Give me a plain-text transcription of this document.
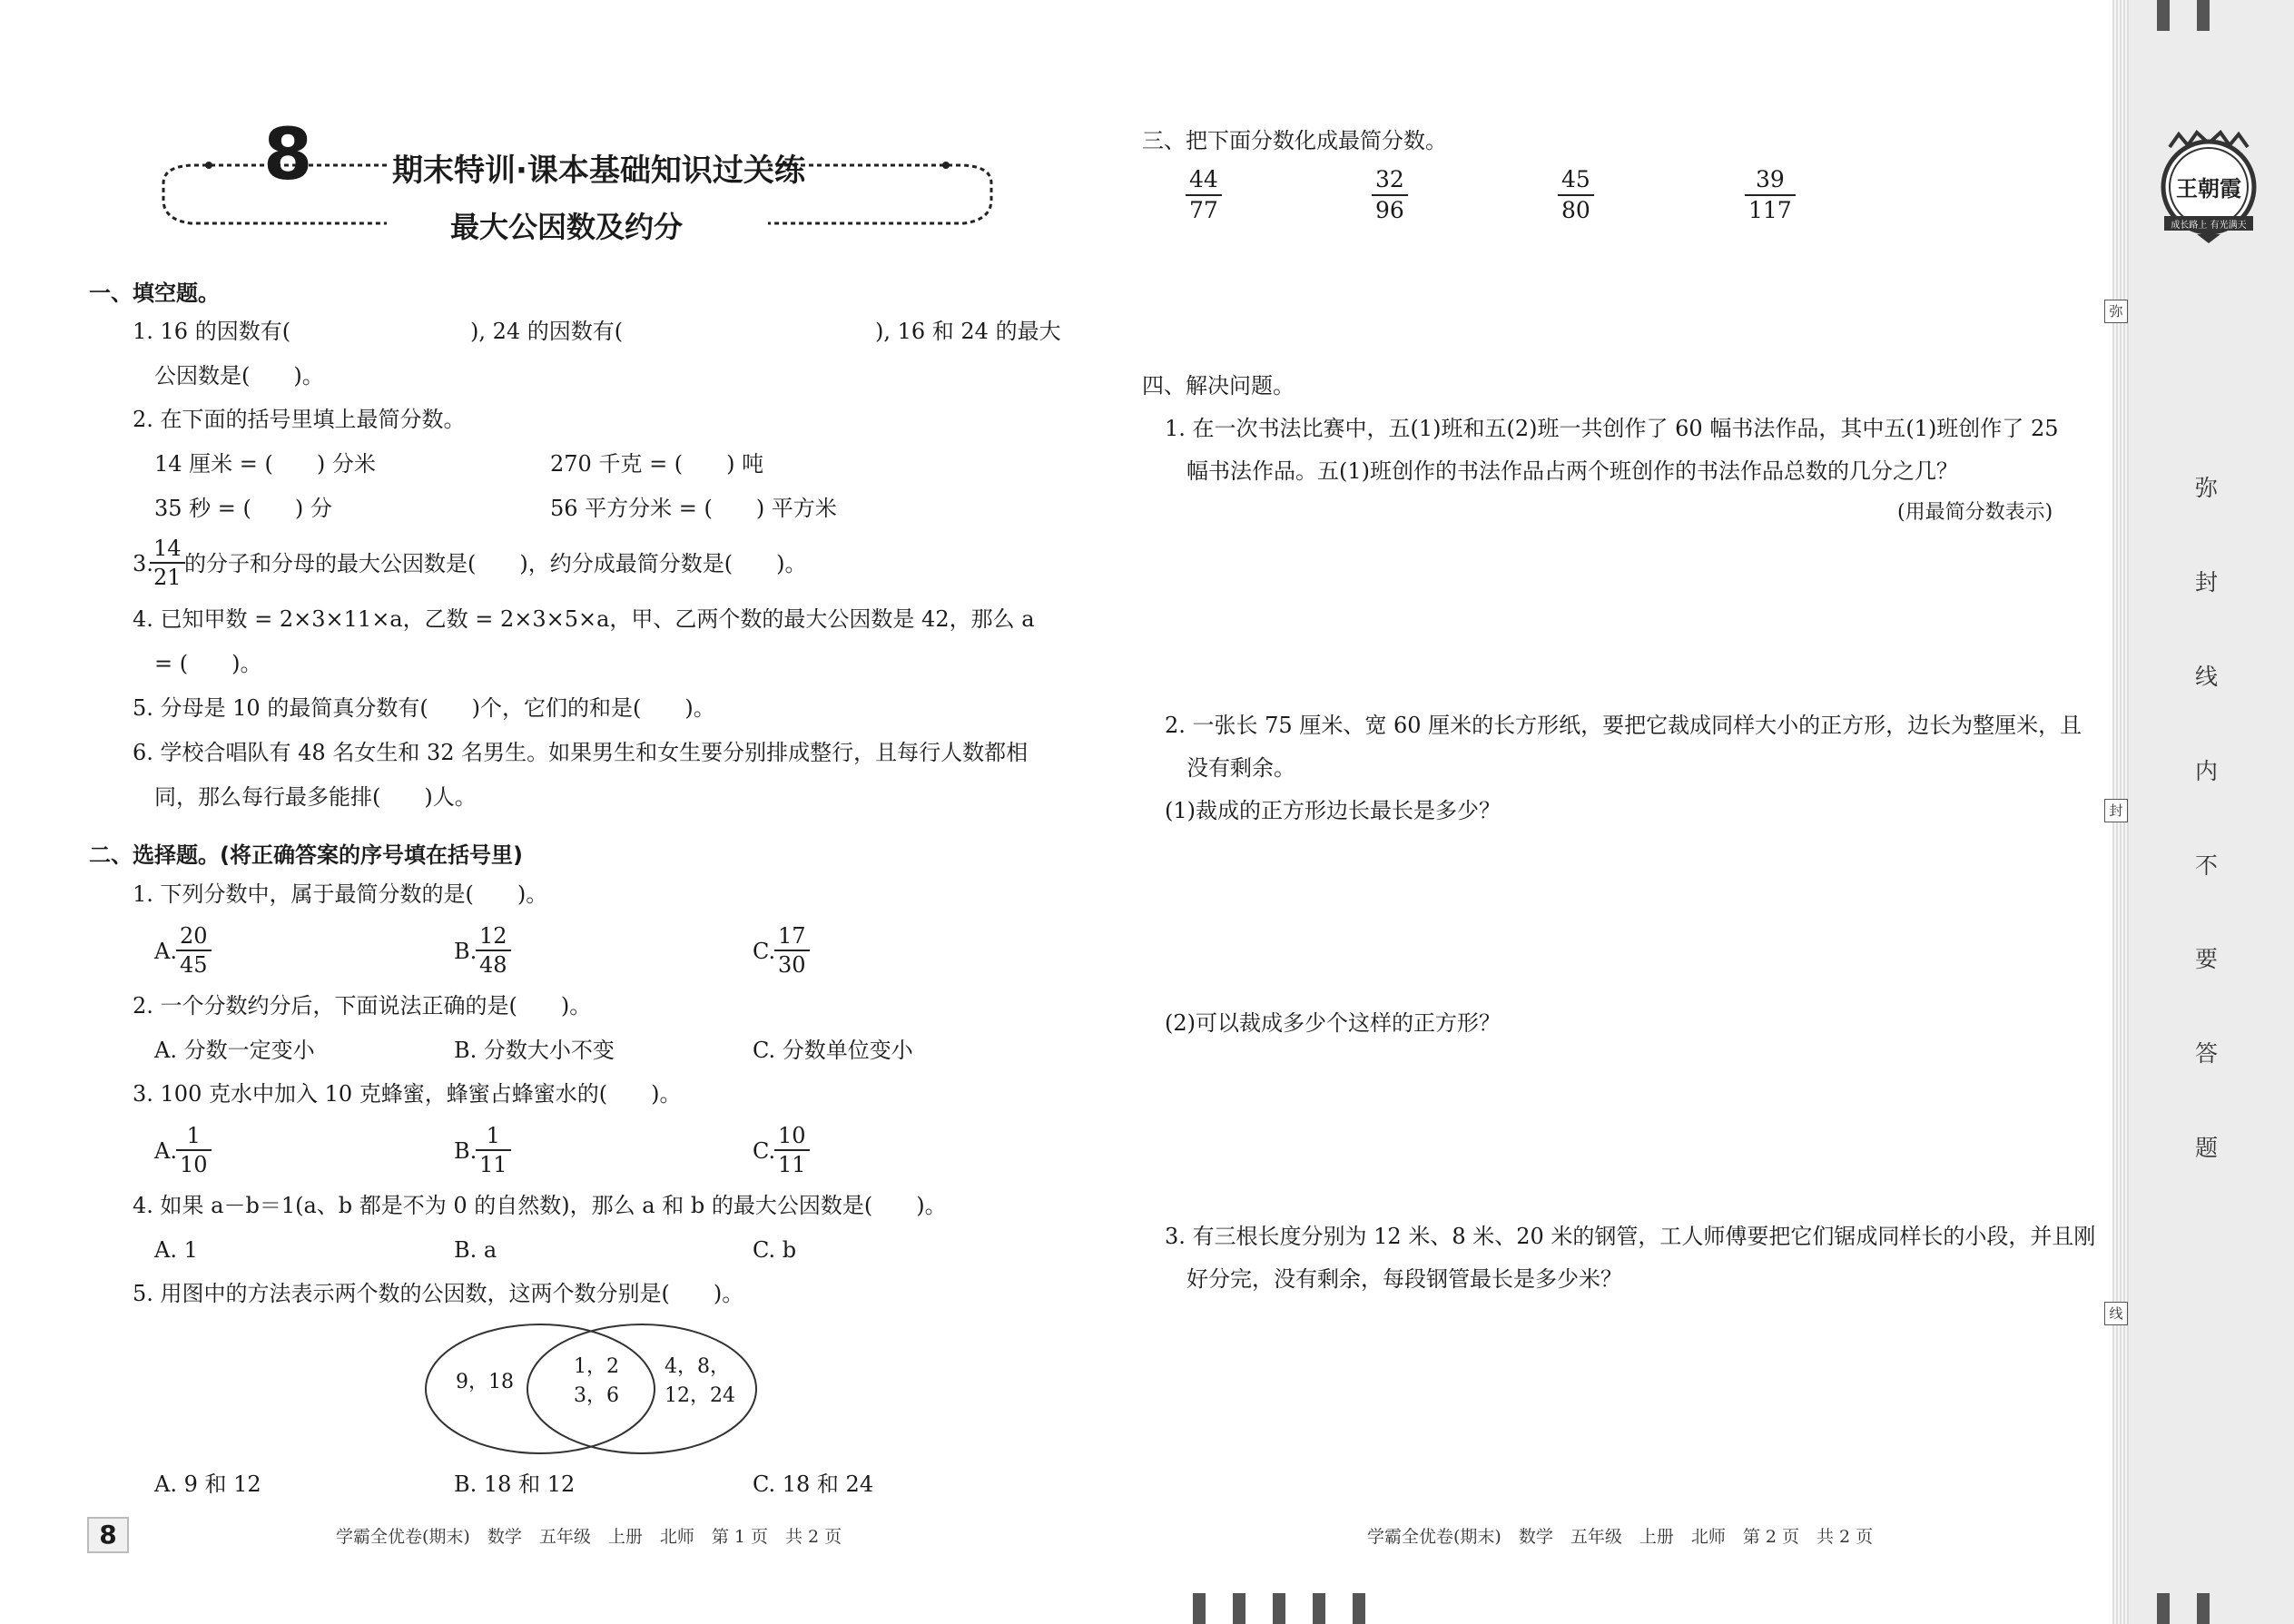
王朝霞
成长路上 有光满天
弥
封
线
内
不
要
答
题
弥
封
线
8	期末特训·课本基础知识过关练
最大公因数及约分
一、填空题。
1. 16 的因数有(	), 24 的因数有(	), 16 和 24 的最大
公因数是(　　)。
2. 在下面的括号里填上最简分数。
14 厘米 = (　　) 分米	270 千克 = (　　) 吨
35 秒 = (　　) 分	56 平方分米 = (　　) 平方米
3.
14
21
的分子和分母的最大公因数是(　　)，约分成最简分数是(　　)。
4. 已知甲数 = 2×3×11×a，乙数 = 2×3×5×a，甲、乙两个数的最大公因数是 42，那么 a
= (　　)。
5. 分母是 10 的最简真分数有(　　)个，它们的和是(　　)。
6. 学校合唱队有 48 名女生和 32 名男生。如果男生和女生要分别排成整行，且每行人数都相
同，那么每行最多能排(　　)人。
二、选择题。(将正确答案的序号填在括号里)
1. 下列分数中，属于最简分数的是(　　)。
A.
20
45
B.
12
48
C.
17
30
2. 一个分数约分后，下面说法正确的是(　　)。
A. 分数一定变小	B. 分数大小不变	C. 分数单位变小
3. 100 克水中加入 10 克蜂蜜，蜂蜜占蜂蜜水的(　　)。
A.
1
10
B.
1
11
C.
10
11
4. 如果 a－b＝1(a、b 都是不为 0 的自然数)，那么 a 和 b 的最大公因数是(　　)。
A. 1	B. a	C. b
5. 用图中的方法表示两个数的公因数，这两个数分别是(　　)。
9，18
1，2
3，6
4，8，
12，24
A. 9 和 12	B. 18 和 12	C. 18 和 24
8	学霸全优卷(期末)　数学　五年级　上册　北师　第 1 页　共 2 页
三、把下面分数化成最简分数。
44
77
32
96
45
80
39
117
四、解决问题。
1. 在一次书法比赛中，五(1)班和五(2)班一共创作了 60 幅书法作品，其中五(1)班创作了 25
幅书法作品。五(1)班创作的书法作品占两个班创作的书法作品总数的几分之几？
(用最简分数表示)
2. 一张长 75 厘米、宽 60 厘米的长方形纸，要把它裁成同样大小的正方形，边长为整厘米，且
没有剩余。
(1)裁成的正方形边长最长是多少？
(2)可以裁成多少个这样的正方形？
3. 有三根长度分别为 12 米、8 米、20 米的钢管，工人师傅要把它们锯成同样长的小段，并且刚
好分完，没有剩余，每段钢管最长是多少米？
学霸全优卷(期末)　数学　五年级　上册　北师　第 2 页　共 2 页
